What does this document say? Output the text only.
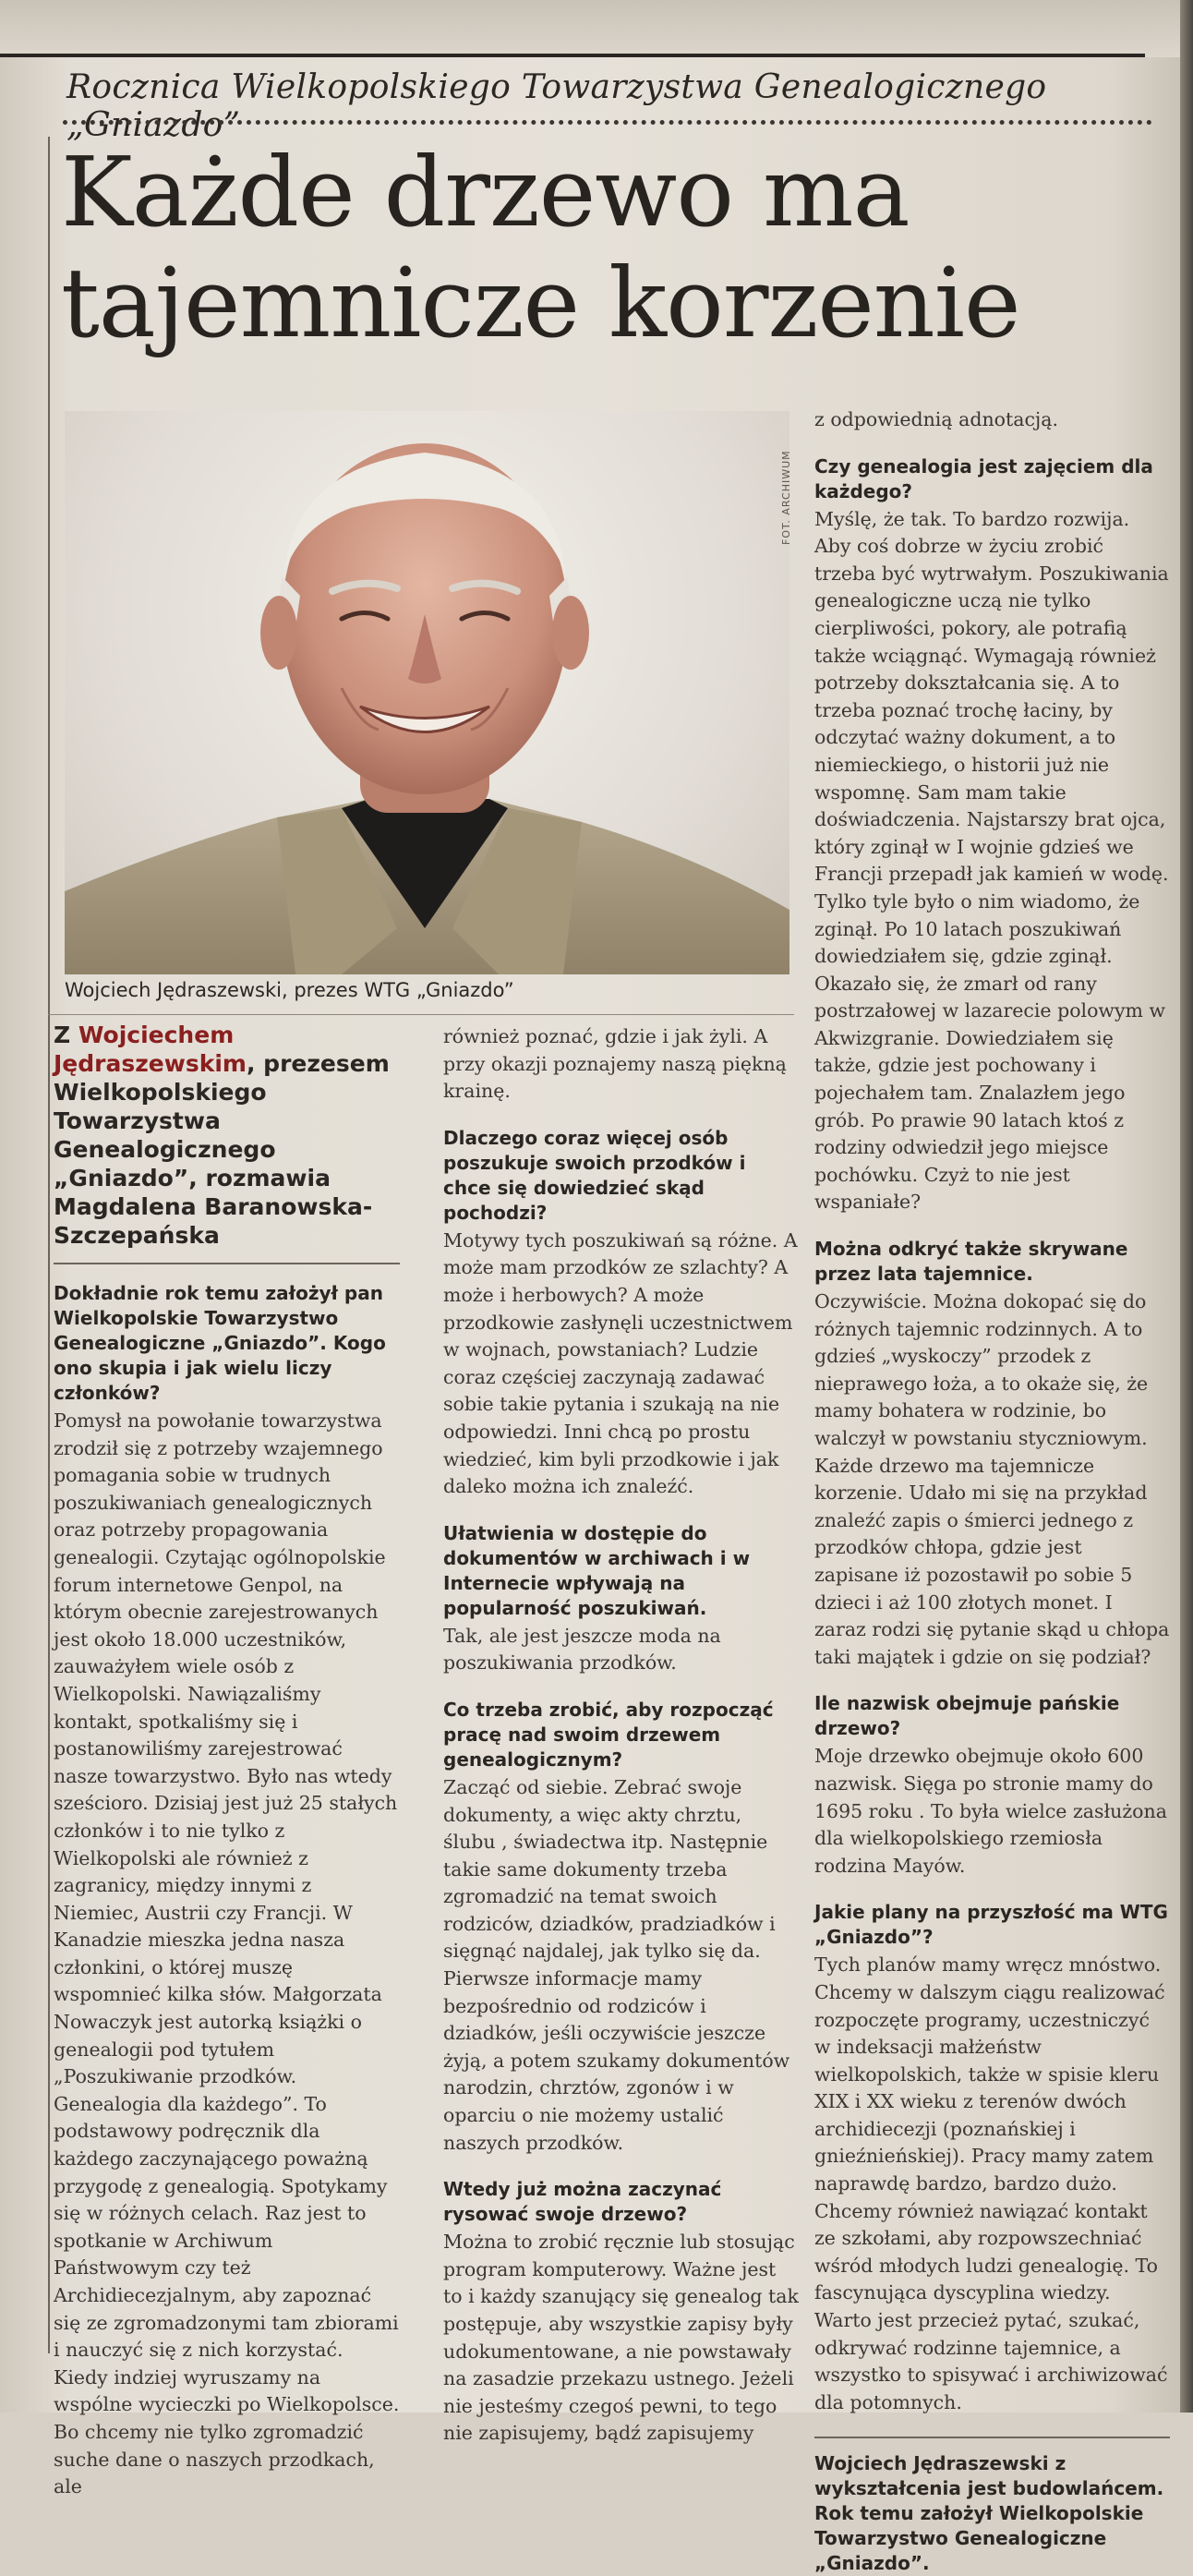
Rocznica Wielkopolskiego Towarzystwa Genealogicznego „Gniazdo”
Każde drzewo ma
tajemnicze korzenie
FOT. ARCHIWUM
Wojciech Jędraszewski, prezes WTG „Gniazdo”
Z Wojciechem Jędraszewskim, prezesem Wielkopolskiego Towarzystwa Genealogicznego „Gniazdo”, rozmawia Magdalena Baranowska-Szczepańska
Dokładnie rok temu założył pan Wielkopolskie Towarzystwo Genealogiczne „Gniazdo”. Kogo ono skupia i jak wielu liczy członków?

Pomysł na powołanie towarzystwa zrodził się z potrzeby wzajemnego pomagania sobie w trudnych poszukiwaniach genealogicznych oraz potrzeby propagowania genealogii. Czytając ogólnopolskie forum internetowe Genpol, na którym obecnie zarejestrowanych jest około 18.000 uczestników, zauważyłem wiele osób z Wielkopolski. Nawiązaliśmy kontakt, spotkaliśmy się i postanowiliśmy zarejestrować nasze towarzystwo. Było nas wtedy sześcioro. Dzisiaj jest już 25 stałych członków i to nie tylko z Wielkopolski ale również z zagranicy, między innymi z Niemiec, Austrii czy Francji. W Kanadzie mieszka jedna nasza członkini, o której muszę wspomnieć kilka słów. Małgorzata Nowaczyk jest autorką książki o genealogii pod tytułem „Poszukiwanie przodków. Genealogia dla każdego”. To podstawowy podręcznik dla każdego zaczynającego poważną przygodę z genealogią. Spotykamy się w różnych celach. Raz jest to spotkanie w Archiwum Państwowym czy też Archidiecezjalnym, aby zapoznać się ze zgromadzonymi tam zbiorami i nauczyć się z nich korzystać. Kiedy indziej wyruszamy na wspólne wycieczki po Wielkopolsce. Bo chcemy nie tylko zgromadzić suche dane o naszych przodkach, ale

również poznać, gdzie i jak żyli. A przy okazji poznajemy naszą piękną krainę.

Dlaczego coraz więcej osób poszukuje swoich przodków i chce się dowiedzieć skąd pochodzi?

Motywy tych poszukiwań są różne. A może mam przodków ze szlachty? A może i herbowych? A może przodkowie zasłynęli uczestnictwem w wojnach, powstaniach? Ludzie coraz częściej zaczynają zadawać sobie takie pytania i szukają na nie odpowiedzi. Inni chcą po prostu wiedzieć, kim byli przodkowie i jak daleko można ich znaleźć.

Ułatwienia w dostępie do dokumentów w archiwach i w Internecie wpływają na popularność poszukiwań.

Tak, ale jest jeszcze moda na poszukiwania przodków.

Co trzeba zrobić, aby rozpocząć pracę nad swoim drzewem genealogicznym?

Zacząć od siebie. Zebrać swoje dokumenty, a więc akty chrztu, ślubu , świadectwa itp. Następnie takie same dokumenty trzeba zgromadzić na temat swoich rodziców, dziadków, pradziadków i sięgnąć najdalej, jak tylko się da. Pierwsze informacje mamy bezpośrednio od rodziców i dziadków, jeśli oczywiście jeszcze żyją, a potem szukamy dokumentów narodzin, chrztów, zgonów i w oparciu o nie możemy ustalić naszych przodków.

Wtedy już można zaczynać rysować swoje drzewo?

Można to zrobić ręcznie lub stosując program komputerowy. Ważne jest to i każdy szanujący się genealog tak postępuje, aby wszystkie zapisy były udokumentowane, a nie powstawały na zasadzie przekazu ustnego. Jeżeli nie jesteśmy czegoś pewni, to tego nie zapisujemy, bądź zapisujemy

z odpowiednią adnotacją.

Czy genealogia jest zajęciem dla każdego?

Myślę, że tak. To bardzo rozwija. Aby coś dobrze w życiu zrobić trzeba być wytrwałym. Poszukiwania genealogiczne uczą nie tylko cierpliwości, pokory, ale potrafią także wciągnąć. Wymagają również potrzeby dokształcania się. A to trzeba poznać trochę łaciny, by odczytać ważny dokument, a to niemieckiego, o historii już nie wspomnę. Sam mam takie doświadczenia. Najstarszy brat ojca, który zginął w I wojnie gdzieś we Francji przepadł jak kamień w wodę. Tylko tyle było o nim wiadomo, że zginął. Po 10 latach poszukiwań dowiedziałem się, gdzie zginął. Okazało się, że zmarł od rany postrzałowej w lazarecie polowym w Akwizgranie. Dowiedziałem się także, gdzie jest pochowany i pojechałem tam. Znalazłem jego grób. Po prawie 90 latach ktoś z rodziny odwiedził jego miejsce pochówku. Czyż to nie jest wspaniałe?

Można odkryć także skrywane przez lata tajemnice.

Oczywiście. Można dokopać się do różnych tajemnic rodzinnych. A to gdzieś „wyskoczy” przodek z nieprawego łoża, a to okaże się, że mamy bohatera w rodzinie, bo walczył w powstaniu styczniowym. Każde drzewo ma tajemnicze korzenie. Udało mi się na przykład znaleźć zapis o śmierci jednego z przodków chłopa, gdzie jest zapisane iż pozostawił po sobie 5 dzieci i aż 100 złotych monet. I zaraz rodzi się pytanie skąd u chłopa taki majątek i gdzie on się podział?

Ile nazwisk obejmuje pańskie drzewo?

Moje drzewko obejmuje około 600 nazwisk. Sięga po stronie mamy do 1695 roku . To była wielce zasłużona dla wielkopolskiego rzemiosła rodzina Mayów.

Jakie plany na przyszłość ma WTG „Gniazdo”?

Tych planów mamy wręcz mnóstwo. Chcemy w dalszym ciągu realizować rozpoczęte programy, uczestniczyć w indeksacji małżeństw wielkopolskich, także w spisie kleru XIX i XX wieku z terenów dwóch archidiecezji (poznańskiej i gnieźnieńskiej). Pracy mamy zatem naprawdę bardzo, bardzo dużo. Chcemy również nawiązać kontakt ze szkołami, aby rozpowszechniać wśród młodych ludzi genealogię. To fascynująca dyscyplina wiedzy. Warto jest przecież pytać, szukać, odkrywać rodzinne tajemnice, a wszystko to spisywać i archiwizować dla potomnych.

Wojciech Jędraszewski z wykształcenia jest budowlańcem. Rok temu założył Wielkopolskie Towarzystwo Genealogiczne „Gniazdo”.
